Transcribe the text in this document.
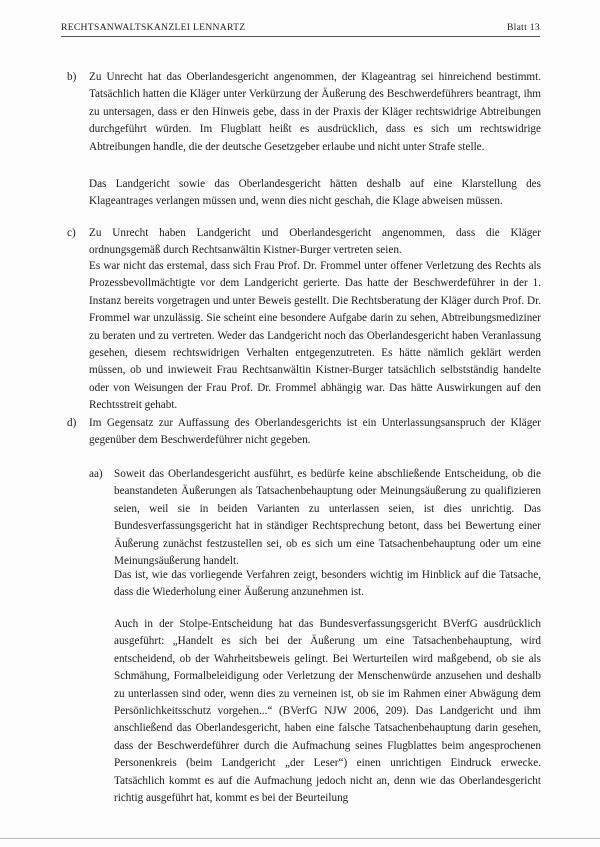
RECHTSANWALTSKANZLEI LENNARTZ	Blatt 13
b) Zu Unrecht hat das Oberlandesgericht angenommen, der Klageantrag sei hinreichend bestimmt. Tatsächlich hatten die Kläger unter Verkürzung der Äußerung des Beschwerdeführers beantragt, ihm zu untersagen, dass er den Hinweis gebe, dass in der Praxis der Kläger rechtswidrige Abtreibungen durchgeführt würden. Im Flugblatt heißt es ausdrücklich, dass es sich um rechtswidrige Abtreibungen handle, die der deutsche Gesetzgeber erlaube und nicht unter Strafe stelle.
Das Landgericht sowie das Oberlandesgericht hätten deshalb auf eine Klarstellung des Klageantrages verlangen müssen und, wenn dies nicht geschah, die Klage abweisen müssen.
c) Zu Unrecht haben Landgericht und Oberlandesgericht angenommen, dass die Kläger ordnungsgemäß durch Rechtsanwältin Kistner-Burger vertreten seien.
Es war nicht das erstemal, dass sich Frau Prof. Dr. Frommel unter offener Verletzung des Rechts als Prozessbevollmächtigte vor dem Landgericht gerierte. Das hatte der Beschwerdeführer in der 1. Instanz bereits vorgetragen und unter Beweis gestellt. Die Rechtsberatung der Kläger durch Prof. Dr. Frommel war unzulässig. Sie scheint eine besondere Aufgabe darin zu sehen, Abtreibungsmediziner zu beraten und zu vertreten. Weder das Landgericht noch das Oberlandesgericht haben Veranlassung gesehen, diesem rechtswidrigen Verhalten entgegenzutreten. Es hätte nämlich geklärt werden müssen, ob und inwieweit Frau Rechtsanwältin Kistner-Burger tatsächlich selbstständig handelte oder von Weisungen der Frau Prof. Dr. Frommel abhängig war. Das hätte Auswirkungen auf den Rechtsstreit gehabt.
d) Im Gegensatz zur Auffassung des Oberlandesgerichts ist ein Unterlassungsanspruch der Kläger gegenüber dem Beschwerdeführer nicht gegeben.
aa) Soweit das Oberlandesgericht ausführt, es bedürfe keine abschließende Entscheidung, ob die beanstandeten Äußerungen als Tatsachenbehauptung oder Meinungsäußerung zu qualifizieren seien, weil sie in beiden Varianten zu unterlassen seien, ist dies unrichtig. Das Bundesverfassungsgericht hat in ständiger Rechtsprechung betont, dass bei Bewertung einer Äußerung zunächst festzustellen sei, ob es sich um eine Tatsachenbehauptung oder um eine Meinungsäußerung handelt.
Das ist, wie das vorliegende Verfahren zeigt, besonders wichtig im Hinblick auf die Tatsache, dass die Wiederholung einer Äußerung anzunehmen ist.
Auch in der Stolpe-Entscheidung hat das Bundesverfassungsgericht BVerfG ausdrücklich ausgeführt: „Handelt es sich bei der Äußerung um eine Tatsachenbehauptung, wird entscheidend, ob der Wahrheitsbeweis gelingt. Bei Werturteilen wird maßgebend, ob sie als Schmähung, Formalbeleidigung oder Verletzung der Menschenwürde anzusehen und deshalb zu unterlassen sind oder, wenn dies zu verneinen ist, ob sie im Rahmen einer Abwägung dem Persönlichkeitsschutz vorgehen...“ (BVerfG NJW 2006, 209). Das Landgericht und ihm anschließend das Oberlandesgericht, haben eine falsche Tatsachenbehauptung darin gesehen, dass der Beschwerdeführer durch die Aufmachung seines Flugblattes beim angesprochenen Personenkreis (beim Landgericht „der Leser“) einen unrichtigen Eindruck erwecke. Tatsächlich kommt es auf die Aufmachung jedoch nicht an, denn wie das Oberlandesgericht richtig ausgeführt hat, kommt es bei der Beurteilung
